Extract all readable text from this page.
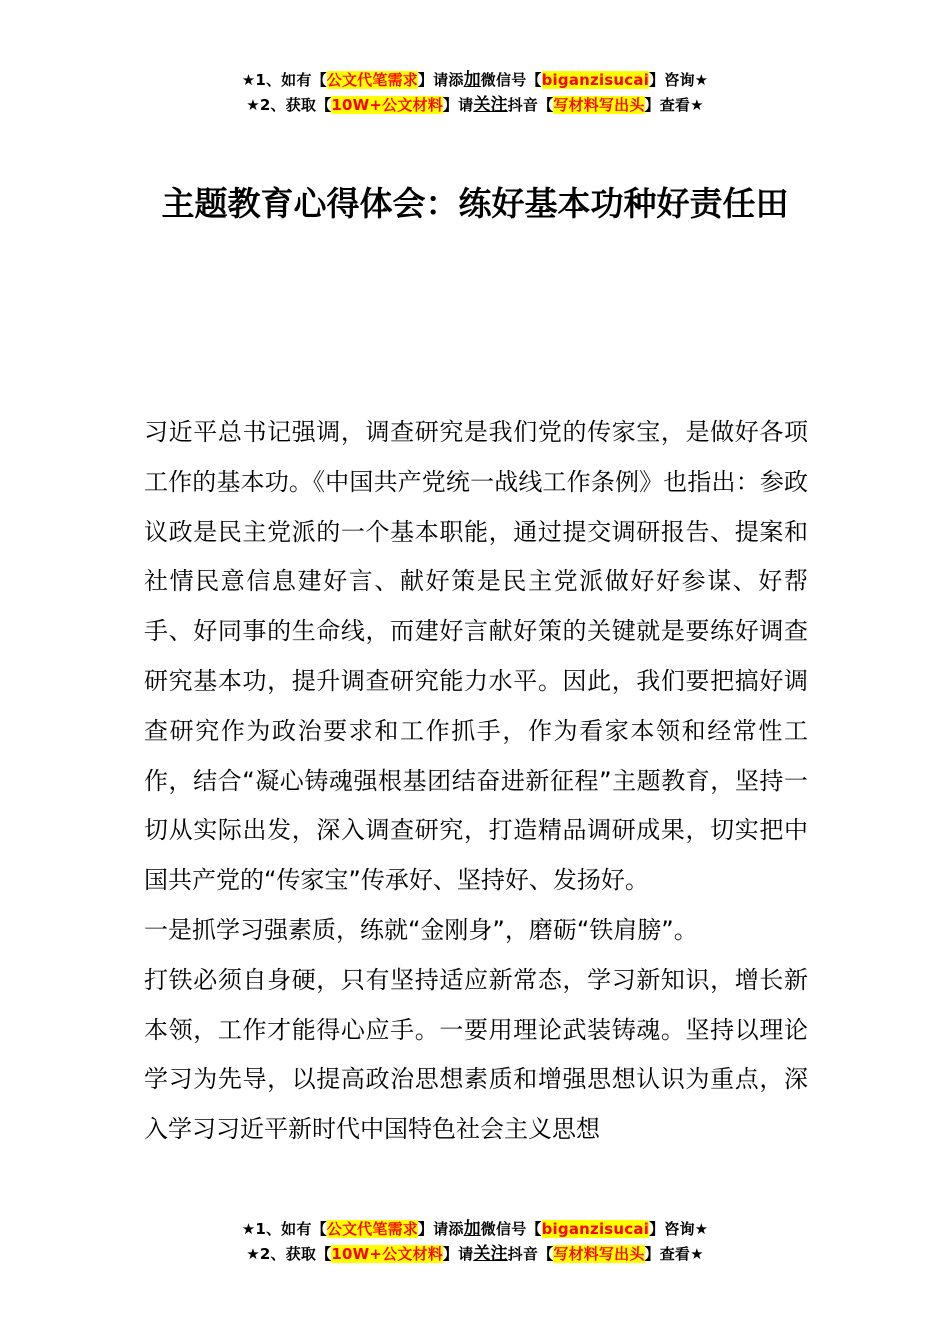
★1、如有【公文代笔需求】请添加微信号【biganzisucai】咨询★
★2、获取【10W+公文材料】请关注抖音【写材料写出头】查看★
主题教育心得体会：练好基本功种好责任田

习近平总书记强调，调查研究是我们党的传家宝，是做好各项工作的基本功。《中国共产党统一战线工作条例》也指出：参政议政是民主党派的一个基本职能，通过提交调研报告、提案和社情民意信息建好言、献好策是民主党派做好好参谋、好帮手、好同事的生命线，而建好言献好策的关键就是要练好调查研究基本功，提升调查研究能力水平。因此，我们要把搞好调查研究作为政治要求和工作抓手，作为看家本领和经常性工作，结合“凝心铸魂强根基团结奋进新征程”主题教育，坚持一切从实际出发，深入调查研究，打造精品调研成果，切实把中国共产党的“传家宝”传承好、坚持好、发扬好。

一是抓学习强素质，练就“金刚身”，磨砺“铁肩膀”。

打铁必须自身硬，只有坚持适应新常态，学习新知识，增长新本领，工作才能得心应手。一要用理论武装铸魂。坚持以理论学习为先导，以提高政治思想素质和增强思想认识为重点，深入学习习近平新时代中国特色社会主义思想

★1、如有【公文代笔需求】请添加微信号【biganzisucai】咨询★
★2、获取【10W+公文材料】请关注抖音【写材料写出头】查看★
